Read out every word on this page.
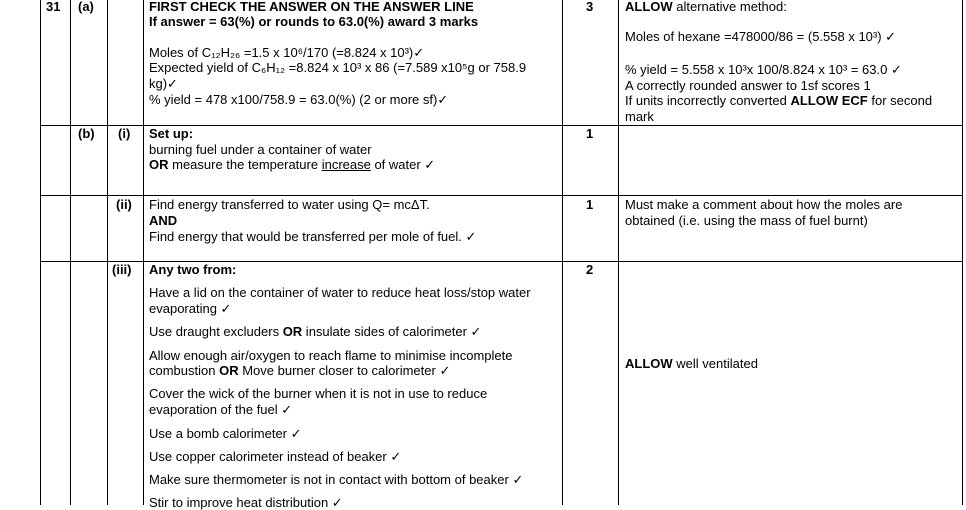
31 (a)
(b) (i)
(ii)
(iii)
FIRST CHECK THE ANSWER ON THE ANSWER LINE
If answer = 63(%) or rounds to 63.0(%) award 3 marks
Moles of C₁₂H₂₆ =1.5 x 10⁶/170 (=8.824 x 10³)✓
Expected yield of C₆H₁₂ =8.824 x 10³ x 86 (=7.589 x10⁵g or 758.9
kg)✓
% yield = 478 x100/758.9 = 63.0(%) (2 or more sf)✓
3 ALLOW alternative method:
Moles of hexane =478000/86 = (5.558 x 10³) ✓
% yield = 5.558 x 10³x 100/8.824 x 10³ = 63.0 ✓
A correctly rounded answer to 1sf scores 1
If units incorrectly converted ALLOW ECF for second
mark
Set up:
burning fuel under a container of water
OR measure the temperature increase of water ✓
1
Find energy transferred to water using Q= mcΔT.
AND
Find energy that would be transferred per mole of fuel. ✓
1 Must make a comment about how the moles are
obtained (i.e. using the mass of fuel burnt)
Any two from:	2
Have a lid on the container of water to reduce heat loss/stop water
evaporating ✓
Use draught excluders OR insulate sides of calorimeter ✓
Allow enough air/oxygen to reach flame to minimise incomplete
combustion OR Move burner closer to calorimeter ✓
Cover the wick of the burner when it is not in use to reduce
evaporation of the fuel ✓
Use a bomb calorimeter ✓
Use copper calorimeter instead of beaker ✓
Make sure thermometer is not in contact with bottom of beaker ✓
Stir to improve heat distribution ✓
ALLOW well ventilated
